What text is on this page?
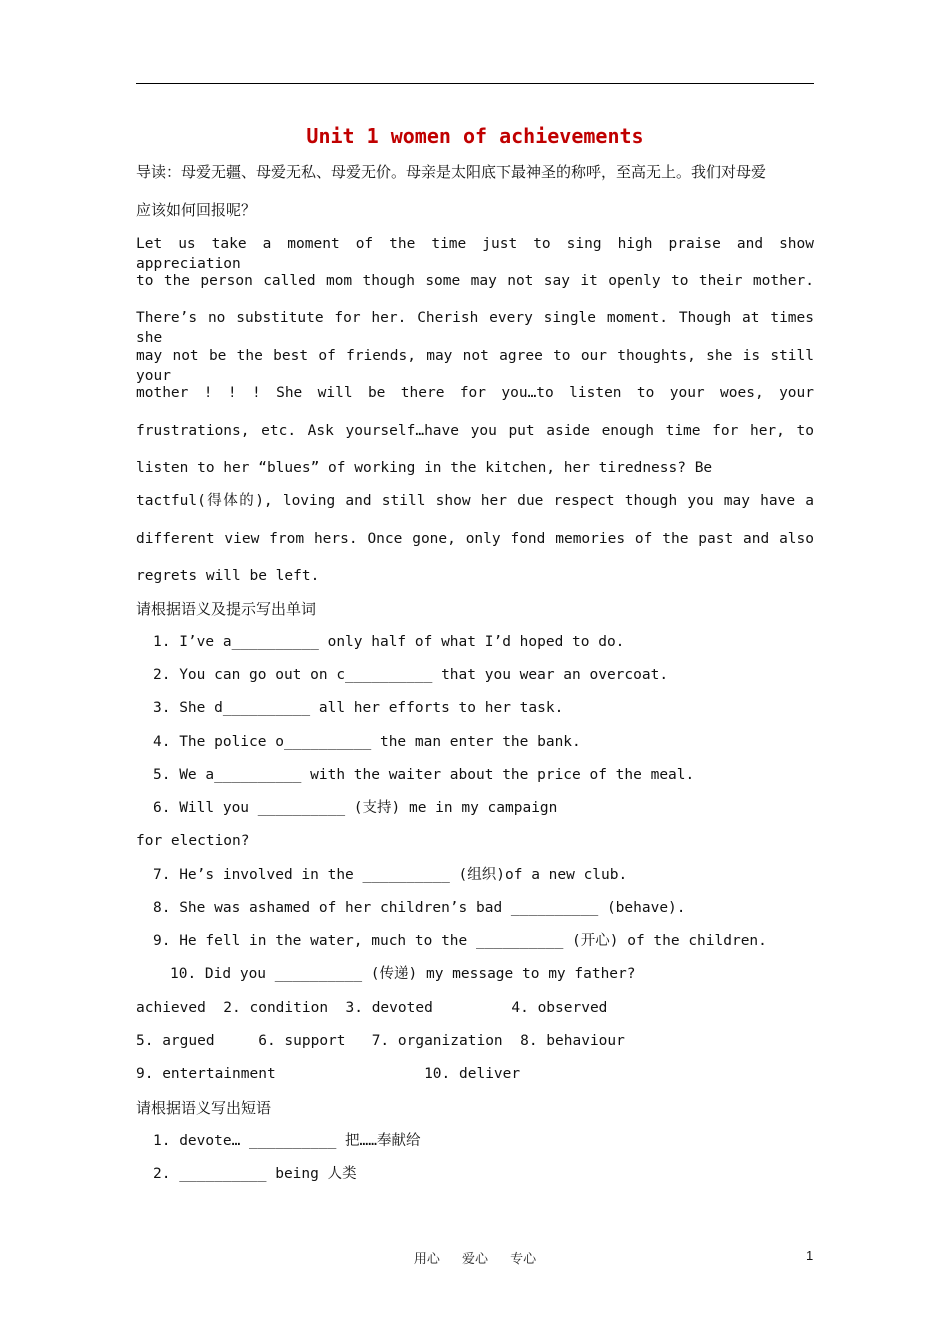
Unit 1 women of achievements
导读：母爱无疆、母爱无私、母爱无价。母亲是太阳底下最神圣的称呼，至高无上。我们对母爱
应该如何回报呢？
Let us take a moment of the time just to sing high praise and show appreciation
to the person called mom though some may not say it openly to their mother.
There’s no substitute for her. Cherish every single moment. Though at times she
may not be the best of friends, may not agree to our thoughts, she is still your
mother ! ! ! She will be there for you…to listen to your woes, your
frustrations, etc. Ask yourself…have you put aside enough time for her, to
listen to her “blues” of working in the kitchen, her tiredness? Be
tactful(得体的), loving and still show her due respect though you may have a
different view from hers. Once gone, only fond memories of the past and also
regrets will be left.
请根据语义及提示写出单词
1. I’ve a__________ only half of what I’d hoped to do.
2. You can go out on c__________ that you wear an overcoat.
3. She d__________ all her efforts to her task.
4. The police o__________ the man enter the bank.
5. We a__________ with the waiter about the price of the meal.
6. Will you __________ (支持) me in my campaign
for election?
7. He’s involved in the __________ (组织)of a new club.
8. She was ashamed of her children’s bad __________ (behave).
9. He fell in the water, much to the __________ (开心) of the children.
10. Did you __________ (传递) my message to my father?
achieved  2. condition  3. devoted         4. observed
5. argued     6. support   7. organization  8. behaviour
9. entertainment                 10. deliver
请根据语义写出短语
1. devote… __________ 把……奉献给
2. __________ being 人类
用心 爱心 专心	1
